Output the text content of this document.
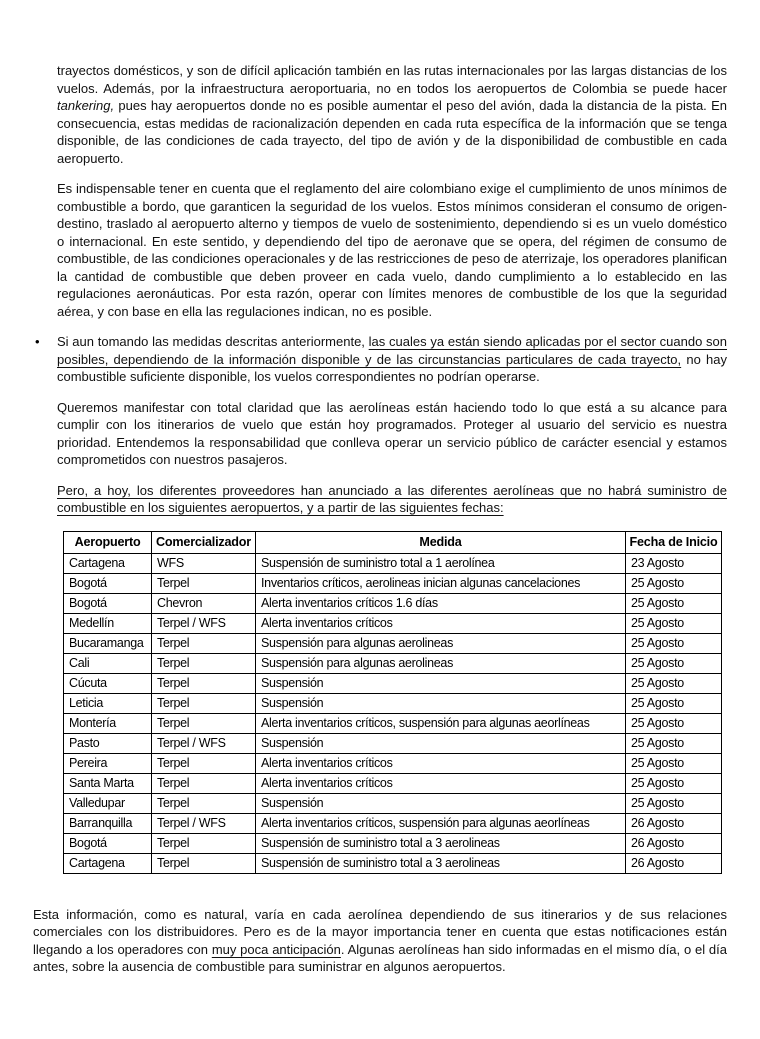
trayectos domésticos, y son de difícil aplicación también en las rutas internacionales por las largas distancias de los vuelos. Además, por la infraestructura aeroportuaria, no en todos los aeropuertos de Colombia se puede hacer tankering, pues hay aeropuertos donde no es posible aumentar el peso del avión, dada la distancia de la pista. En consecuencia, estas medidas de racionalización dependen en cada ruta específica de la información que se tenga disponible, de las condiciones de cada trayecto, del tipo de avión y de la disponibilidad de combustible en cada aeropuerto.

Es indispensable tener en cuenta que el reglamento del aire colombiano exige el cumplimiento de unos mínimos de combustible a bordo, que garanticen la seguridad de los vuelos. Estos mínimos consideran el consumo de origen-destino, traslado al aeropuerto alterno y tiempos de vuelo de sostenimiento, dependiendo si es un vuelo doméstico o internacional. En este sentido, y dependiendo del tipo de aeronave que se opera, del régimen de consumo de combustible, de las condiciones operacionales y de las restricciones de peso de aterrizaje, los operadores planifican la cantidad de combustible que deben proveer en cada vuelo, dando cumplimiento a lo establecido en las regulaciones aeronáuticas. Por esta razón, operar con límites menores de combustible de los que la seguridad aérea, y con base en ella las regulaciones indican, no es posible.

• Si aun tomando las medidas descritas anteriormente, las cuales ya están siendo aplicadas por el sector cuando son posibles, dependiendo de la información disponible y de las circunstancias particulares de cada trayecto, no hay combustible suficiente disponible, los vuelos correspondientes no podrían operarse.

Queremos manifestar con total claridad que las aerolíneas están haciendo todo lo que está a su alcance para cumplir con los itinerarios de vuelo que están hoy programados. Proteger al usuario del servicio es nuestra prioridad. Entendemos la responsabilidad que conlleva operar un servicio público de carácter esencial y estamos comprometidos con nuestros pasajeros.

Pero, a hoy, los diferentes proveedores han anunciado a las diferentes aerolíneas que no habrá suministro de combustible en los siguientes aeropuertos, y a partir de las siguientes fechas:

Aeropuerto	Comercializador	Medida	Fecha de Inicio
Cartagena	WFS	Suspensión de suministro total a 1 aerolínea	23 Agosto
Bogotá	Terpel	Inventarios críticos, aerolineas inician algunas cancelaciones	25 Agosto
Bogotá	Chevron	Alerta inventarios críticos 1.6 días	25 Agosto
Medellín	Terpel / WFS	Alerta inventarios críticos	25 Agosto
Bucaramanga	Terpel	Suspensión para algunas aerolineas	25 Agosto
Cali	Terpel	Suspensión para algunas aerolineas	25 Agosto
Cúcuta	Terpel	Suspensión	25 Agosto
Leticia	Terpel	Suspensión	25 Agosto
Montería	Terpel	Alerta inventarios críticos, suspensión para algunas aeorlíneas	25 Agosto
Pasto	Terpel / WFS	Suspensión	25 Agosto
Pereira	Terpel	Alerta inventarios críticos	25 Agosto
Santa Marta	Terpel	Alerta inventarios críticos	25 Agosto
Valledupar	Terpel	Suspensión	25 Agosto
Barranquilla	Terpel / WFS	Alerta inventarios críticos, suspensión para algunas aeorlíneas	26 Agosto
Bogotá	Terpel	Suspensión de suministro total a 3 aerolineas	26 Agosto
Cartagena	Terpel	Suspensión de suministro total a 3 aerolineas	26 Agosto

Esta información, como es natural, varía en cada aerolínea dependiendo de sus itinerarios y de sus relaciones comerciales con los distribuidores. Pero es de la mayor importancia tener en cuenta que estas notificaciones están llegando a los operadores con muy poca anticipación. Algunas aerolíneas han sido informadas en el mismo día, o el día antes, sobre la ausencia de combustible para suministrar en algunos aeropuertos.
